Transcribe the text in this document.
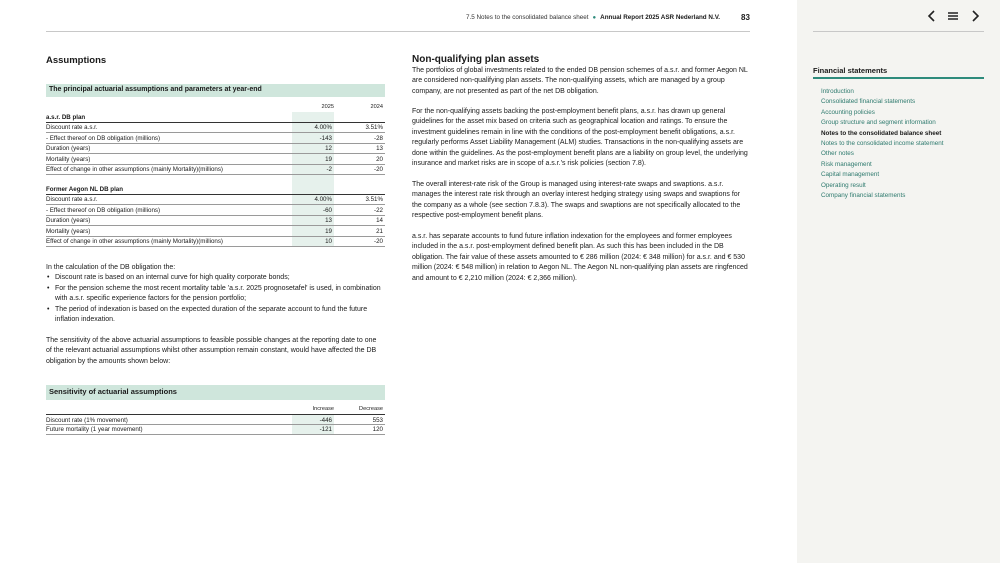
7.5 Notes to the consolidated balance sheet ● Annual Report 2025 ASR Nederland N.V.	83
Assumptions
The principal actuarial assumptions and parameters at year-end
2025	2024
a.s.r. DB plan
Discount rate a.s.r.	4.00%	3.51%
- Effect thereof on DB obligation (millions)	-143	-28
Duration (years)	12	13
Mortality (years)	19	20
Effect of change in other assumptions (mainly Mortality)(millions)	-2	-20
Former Aegon NL DB plan
Discount rate a.s.r.	4.00%	3.51%
- Effect thereof on DB obligation (millions)	-60	-22
Duration (years)	13	14
Mortality (years)	19	21
Effect of change in other assumptions (mainly Mortality)(millions)	10	-20

In the calculation of the DB obligation the:

• Discount rate is based on an internal curve for high quality corporate bonds;
• For the pension scheme the most recent mortality table 'a.s.r. 2025 prognosetafel' is used, in combination with a.s.r. specific experience factors for the pension portfolio;
• The period of indexation is based on the expected duration of the separate account to fund the future inflation indexation.
The sensitivity of the above actuarial assumptions to feasible possible changes at the reporting date to one of the relevant actuarial assumptions whilst other assumption remain constant, would have affected the DB obligation by the amounts shown below:
Sensitivity of actuarial assumptions
Increase	Decrease
Discount rate (1% movement)	-446	553
Future mortality (1 year movement)	-121	120
Non-qualifying plan assets
The portfolios of global investments related to the ended DB pension schemes of a.s.r. and former Aegon NL are considered non-qualifying plan assets. The non-qualifying assets, which are managed by a group company, are not presented as part of the net DB obligation.
For the non-qualifying assets backing the post-employment benefit plans, a.s.r. has drawn up general guidelines for the asset mix based on criteria such as geographical location and ratings. To ensure the investment guidelines remain in line with the conditions of the post-employment benefit obligations, a.s.r. regularly performs Asset Liability Management (ALM) studies. Transactions in the non-qualifying assets are done within the guidelines. As the post-employment benefit plans are a liability on group level, the underlying insurance and market risks are in scope of a.s.r.'s risk policies (section 7.8).
The overall interest-rate risk of the Group is managed using interest-rate swaps and swaptions. a.s.r. manages the interest rate risk through an overlay interest hedging strategy using swaps and swaptions for the company as a whole (see section 7.8.3). The swaps and swaptions are not specifically allocated to the respective post-employment benefit plans.
a.s.r. has separate accounts to fund future inflation indexation for the employees and former employees included in the a.s.r. post-employment defined benefit plan. As such this has been included in the DB obligation. The fair value of these assets amounted to € 286 million (2024: € 348 million) for a.s.r. and € 530 million (2024: € 548 million) in relation to Aegon NL. The Aegon NL non-qualifying plan assets are ringfenced and amount to € 2,210 million (2024: € 2,366 million).
Financial statements
Introduction
Consolidated financial statements
Accounting policies
Group structure and segment information
Notes to the consolidated balance sheet
Notes to the consolidated income statement
Other notes
Risk management
Capital management
Operating result
Company financial statements
